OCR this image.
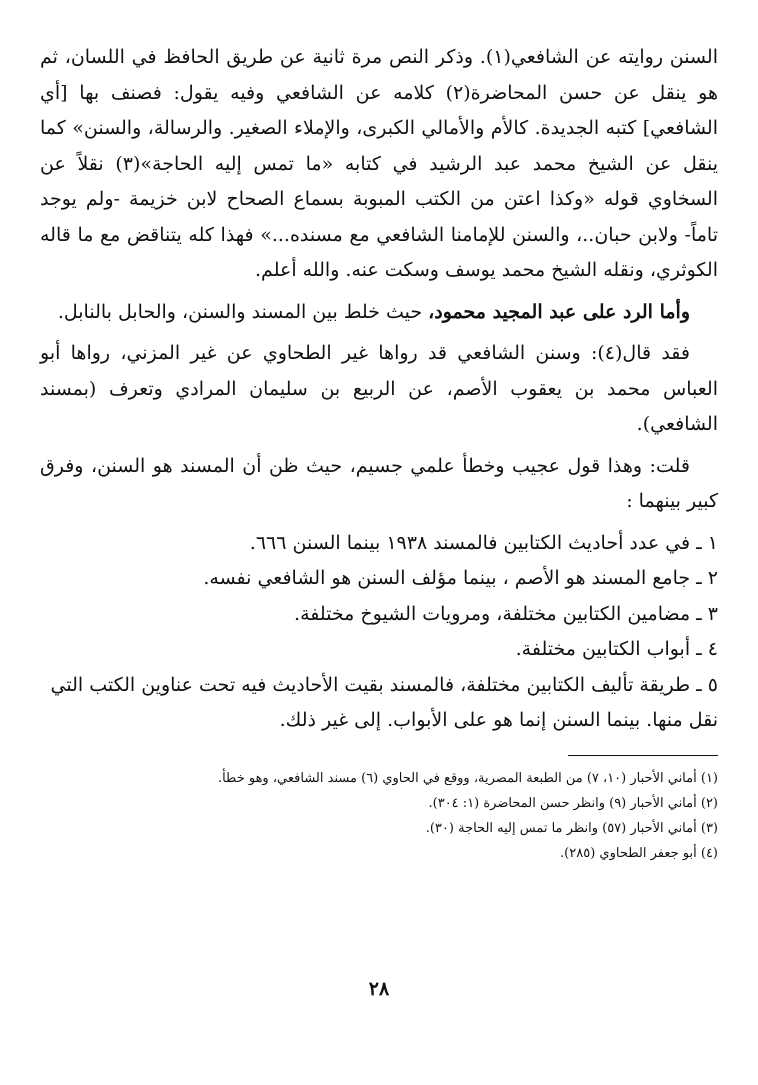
السنن روايته عن الشافعي(١). وذكر النص مرة ثانية عن طريق الحافظ في اللسان، ثم هو ينقل عن حسن المحاضرة(٢) كلامه عن الشافعي وفيه يقول: فصنف بها [أي الشافعي] كتبه الجديدة. كالأم والأمالي الكبرى، والإملاء الصغير. والرسالة، والسنن» كما ينقل عن الشيخ محمد عبد الرشيد في كتابه «ما تمس إليه الحاجة»(٣) نقلاً عن السخاوي قوله «وكذا اعتن من الكتب المبوبة بسماع الصحاح لابن خزيمة -ولم يوجد تاماً- ولابن حبان..، والسنن للإمامنا الشافعي مع مسنده...» فهذا كله يتناقض مع ما قاله الكوثري، ونقله الشيخ محمد يوسف وسكت عنه. والله أعلم.

وأما الرد على عبد المجيد محمود، حيث خلط بين المسند والسنن، والحابل بالنابل.

فقد قال(٤): وسنن الشافعي قد رواها غير الطحاوي عن غير المزني، رواها أبو العباس محمد بن يعقوب الأصم، عن الربيع بن سليمان المرادي وتعرف (بمسند الشافعي).

قلت: وهذا قول عجيب وخطأ علمي جسيم، حيث ظن أن المسند هو السنن، وفرق كبير بينهما :

١ ـ في عدد أحاديث الكتابين فالمسند ١٩٣٨ بينما السنن ٦٦٦.
٢ ـ جامع المسند هو الأصم ، بينما مؤلف السنن هو الشافعي نفسه.
٣ ـ مضامين الكتابين مختلفة، ومرويات الشيوخ مختلفة.
٤ ـ أبواب الكتابين مختلفة.
٥ ـ طريقة تأليف الكتابين مختلفة، فالمسند بقيت الأحاديث فيه تحت عناوين الكتب التي نقل منها. بينما السنن إنما هو على الأبواب. إلى غير ذلك.
(١) أماني الأحبار (١٠، ٧) من الطبعة المصرية، ووقع في الحاوي (٦) مسند الشافعي، وهو خطأ.
(٢) أماني الأحبار (٩) وانظر حسن المحاضرة (١: ٣٠٤).
(٣) أماني الأحبار (٥٧) وانظر ما تمس إليه الحاجة (٣٠).
(٤) أبو جعفر الطحاوي (٢٨٥).
٢٨
